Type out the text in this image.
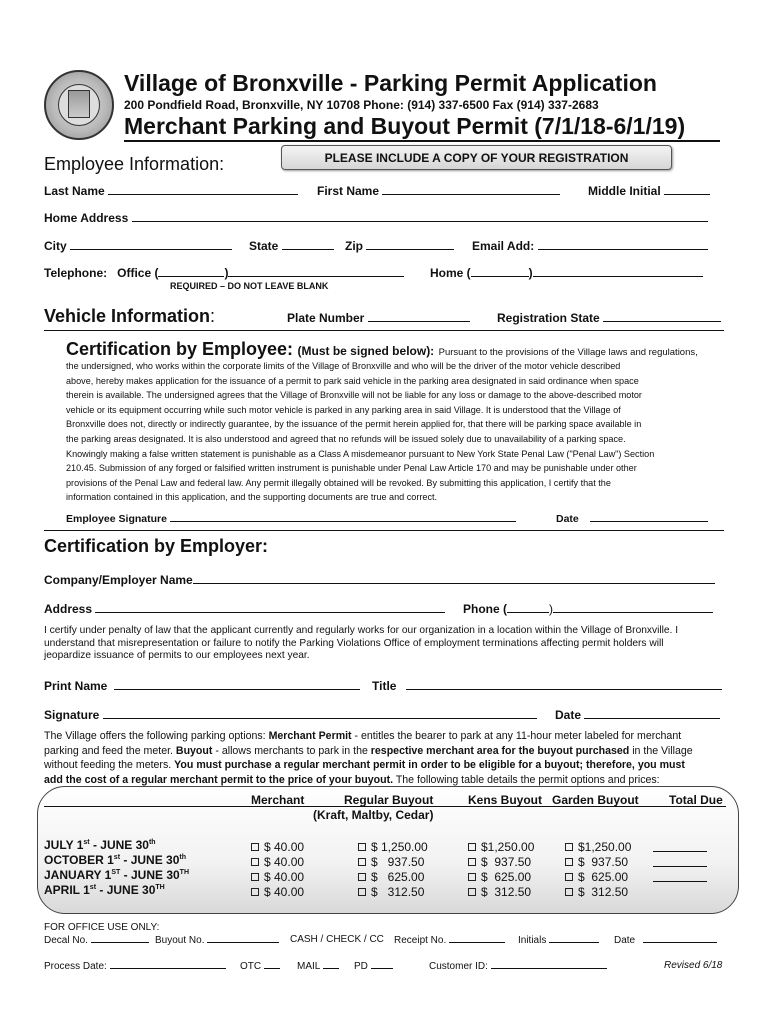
Village of Bronxville - Parking Permit Application
200 Pondfield Road, Bronxville, NY 10708 Phone: (914) 337-6500 Fax (914) 337-2683
Merchant Parking and Buyout Permit (7/1/18-6/1/19)
PLEASE INCLUDE A COPY OF YOUR REGISTRATION
Employee Information:
Last Name	First Name	Middle Initial
Home Address
City	State	Zip	Email Add:
Telephone: Office (	)	Home (	)
REQUIRED – DO NOT LEAVE BLANK
Vehicle Information:	Plate Number	Registration State
Certification by Employee: (Must be signed below): Pursuant to the provisions of the Village laws and regulations,
the undersigned, who works within the corporate limits of the Village of Bronxville and who will be the driver of the motor vehicle described
above, hereby makes application for the issuance of a permit to park said vehicle in the parking area designated in said ordinance when space
therein is available. The undersigned agrees that the Village of Bronxville will not be liable for any loss or damage to the above-described motor
vehicle or its equipment occurring while such motor vehicle is parked in any parking area in said Village. It is understood that the Village of
Bronxville does not, directly or indirectly guarantee, by the issuance of the permit herein applied for, that there will be parking space available in
the parking areas designated. It is also understood and agreed that no refunds will be issued solely due to unavailability of a parking space.
Knowingly making a false written statement is punishable as a Class A misdemeanor pursuant to New York State Penal Law ("Penal Law") Section
210.45. Submission of any forged or falsified written instrument is punishable under Penal Law Article 170 and may be punishable under other
provisions of the Penal Law and federal law. Any permit illegally obtained will be revoked. By submitting this application, I certify that the
information contained in this application, and the supporting documents are true and correct.
Employee Signature	Date
Certification by Employer:
Company/Employer Name
Address	Phone (	)
I certify under penalty of law that the applicant currently and regularly works for our organization in a location within the Village of Bronxville. I
understand that misrepresentation or failure to notify the Parking Violations Office of employment terminations affecting permit holders will
jeopardize issuance of permits to our employees next year.
Print Name	Title
Signature	Date
The Village offers the following parking options: Merchant Permit - entitles the bearer to park at any 11-hour meter labeled for merchant
parking and feed the meter. Buyout - allows merchants to park in the respective merchant area for the buyout purchased in the Village
without feeding the meters. You must purchase a regular merchant permit in order to be eligible for a buyout; therefore, you must
add the cost of a regular merchant permit to the price of your buyout. The following table details the permit options and prices:
Merchant	Regular Buyout	Kens Buyout Garden Buyout	Total Due
(Kraft, Maltby, Cedar)
JULY 1st - JUNE 30th	$ 40.00	$ 1,250.00	$1,250.00	$1,250.00
OCTOBER 1st - JUNE 30th	$ 40.00	$   937.50	$  937.50	$  937.50
JANUARY 1ST - JUNE 30TH	$ 40.00	$   625.00	$  625.00	$  625.00
APRIL 1st - JUNE 30TH	$ 40.00	$   312.50	$  312.50	$  312.50
FOR OFFICE USE ONLY:
Decal No.	Buyout No.	CASH / CHECK / CC Receipt No.	Initials	Date
Process Date:	OTC	MAIL	PD	Customer ID:	Revised 6/18
